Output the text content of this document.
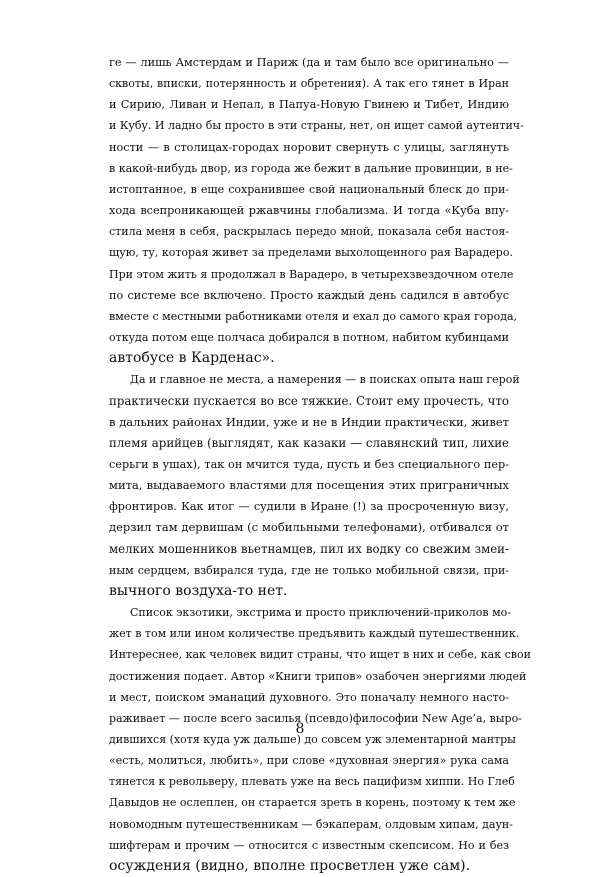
ге — лишь Амстердам и Париж (да и там было все оригинально —
сквоты, вписки, потерянность и обретения). А так его тянет в Иран
и Сирию, Ливан и Непал, в Папуа-Новую Гвинею и Тибет, Индию
и Кубу. И ладно бы просто в эти страны, нет, он ищет самой аутентич-
ности — в столицах-городах норовит свернуть с улицы, заглянуть
в какой-нибудь двор, из города же бежит в дальние провинции, в не-
истоптанное, в еще сохранившее свой национальный блеск до при-
хода всепроникающей ржавчины глобализма. И тогда «Куба впу-
стила меня в себя, раскрылась передо мной, показала себя настоя-
щую, ту, которая живет за пределами выхолощенного рая Варадеро.
При этом жить я продолжал в Варадеро, в четырехзвездочном отеле
по системе все включено. Просто каждый день садился в автобус
вместе с местными работниками отеля и ехал до самого края города,
откуда потом еще полчаса добирался в потном, набитом кубинцами
автобусе в Карденас».
Да и главное не места, а намерения — в поисках опыта наш герой
практически пускается во все тяжкие. Стоит ему прочесть, что
в дальних районах Индии, уже и не в Индии практически, живет
племя арийцев (выглядят, как казаки — славянский тип, лихие
серьги в ушах), так он мчится туда, пусть и без специального пер-
мита, выдаваемого властями для посещения этих приграничных
фронтиров. Как итог — судили в Иране (!) за просроченную визу,
дерзил там дервишам (с мобильными телефонами), отбивался от
мелких мошенников вьетнамцев, пил их водку со свежим змеи-
ным сердцем, взбирался туда, где не только мобильной связи, при-
вычного воздуха-то нет.
Список экзотики, экстрима и просто приключений-приколов мо-
жет в том или ином количестве предъявить каждый путешественник.
Интереснее, как человек видит страны, что ищет в них и себе, как свои
достижения подает. Автор «Книги трипов» озабочен энергиями людей
и мест, поиском эманаций духовного. Это поначалу немного насто-
раживает — после всего засилья (псевдо)философии New Age’а, выро-
дившихся (хотя куда уж дальше) до совсем уж элементарной мантры
«есть, молиться, любить», при слове «духовная энергия» рука сама
тянется к револьверу, плевать уже на весь пацифизм хиппи. Но Глеб
Давыдов не ослеплен, он старается зреть в корень, поэтому к тем же
новомодным путешественникам — бэкаперам, олдовым хипам, даун-
шифтерам и прочим — относится с известным скепсисом. Но и без
осуждения (видно, вполне просветлен уже сам).
8
